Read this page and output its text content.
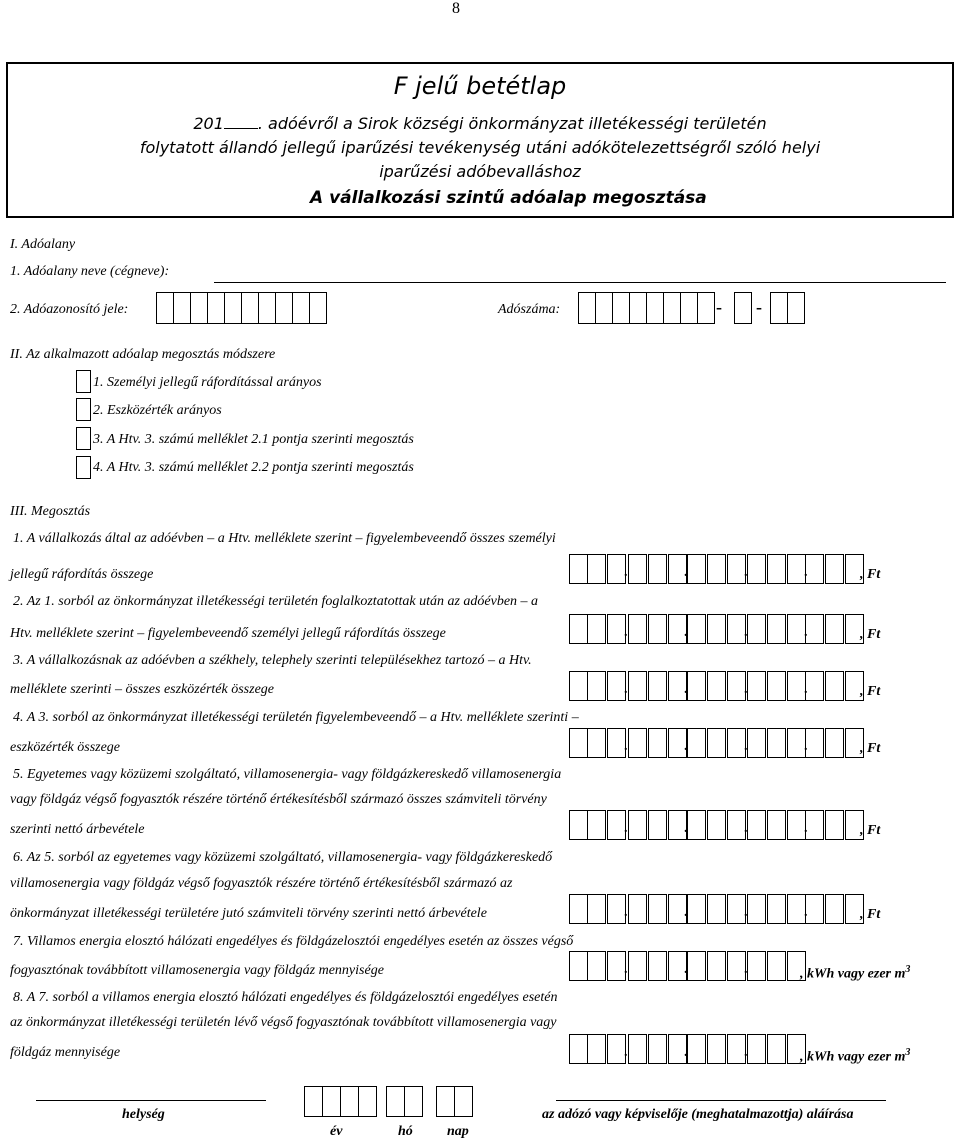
8
F jelű betétlap
201 . adóévről a Sirok községi önkormányzat illetékességi területén
folytatott állandó jellegű iparűzési tevékenység utáni adókötelezettségről szóló helyi
iparűzési adóbevalláshoz
A vállalkozási szintű adóalap megosztása
I. Adóalany
1. Adóalany neve (cégneve):
2. Adóazonosító jele:	Adószáma:	- -
II. Az alkalmazott adóalap megosztás módszere
1. Személyi jellegű ráfordítással arányos
2. Eszközérték arányos
3. A Htv. 3. számú melléklet 2.1 pontja szerinti megosztás
4. A Htv. 3. számú melléklet 2.2 pontja szerinti megosztás
III. Megosztás
1. A vállalkozás által az adóévben – a Htv. melléklete szerint – figyelembeveendő összes személyi
jellegű ráfordítás összege	.	.	.	.	, Ft
2. Az 1. sorból az önkormányzat illetékességi területén foglalkoztatottak után az adóévben – a
Htv. melléklete szerint – figyelembeveendő személyi jellegű ráfordítás összege	.	.	.	.	, Ft
3. A vállalkozásnak az adóévben a székhely, telephely szerinti településekhez tartozó – a Htv.
melléklete szerinti – összes eszközérték összege	.	.	.	.	, Ft
4. A 3. sorból az önkormányzat illetékességi területén figyelembeveendő – a Htv. melléklete szerinti –
eszközérték összege	.	.	.	.	, Ft
5. Egyetemes vagy közüzemi szolgáltató, villamosenergia- vagy földgázkereskedő villamosenergia
vagy földgáz végső fogyasztók részére történő értékesítésből származó összes számviteli törvény
szerinti nettó árbevétele	.	.	.	.	, Ft
6. Az 5. sorból az egyetemes vagy közüzemi szolgáltató, villamosenergia- vagy földgázkereskedő
villamosenergia vagy földgáz végső fogyasztók részére történő értékesítésből származó az
önkormányzat illetékességi területére jutó számviteli törvény szerinti nettó árbevétele	.	.	.	.	, Ft
7. Villamos energia elosztó hálózati engedélyes és földgázelosztói engedélyes esetén az összes végső
fogyasztónak továbbított villamosenergia vagy földgáz mennyisége	.	.	.	, kWh vagy ezer $m^3$
8. A 7. sorból a villamos energia elosztó hálózati engedélyes és földgázelosztói engedélyes esetén
az önkormányzat illetékességi területén lévő végső fogyasztónak továbbított villamosenergia vagy
földgáz mennyisége	.	.	.	, kWh vagy ezer $m^3$
helység
év	hó nap
az adózó vagy képviselője (meghatalmazottja) aláírása
